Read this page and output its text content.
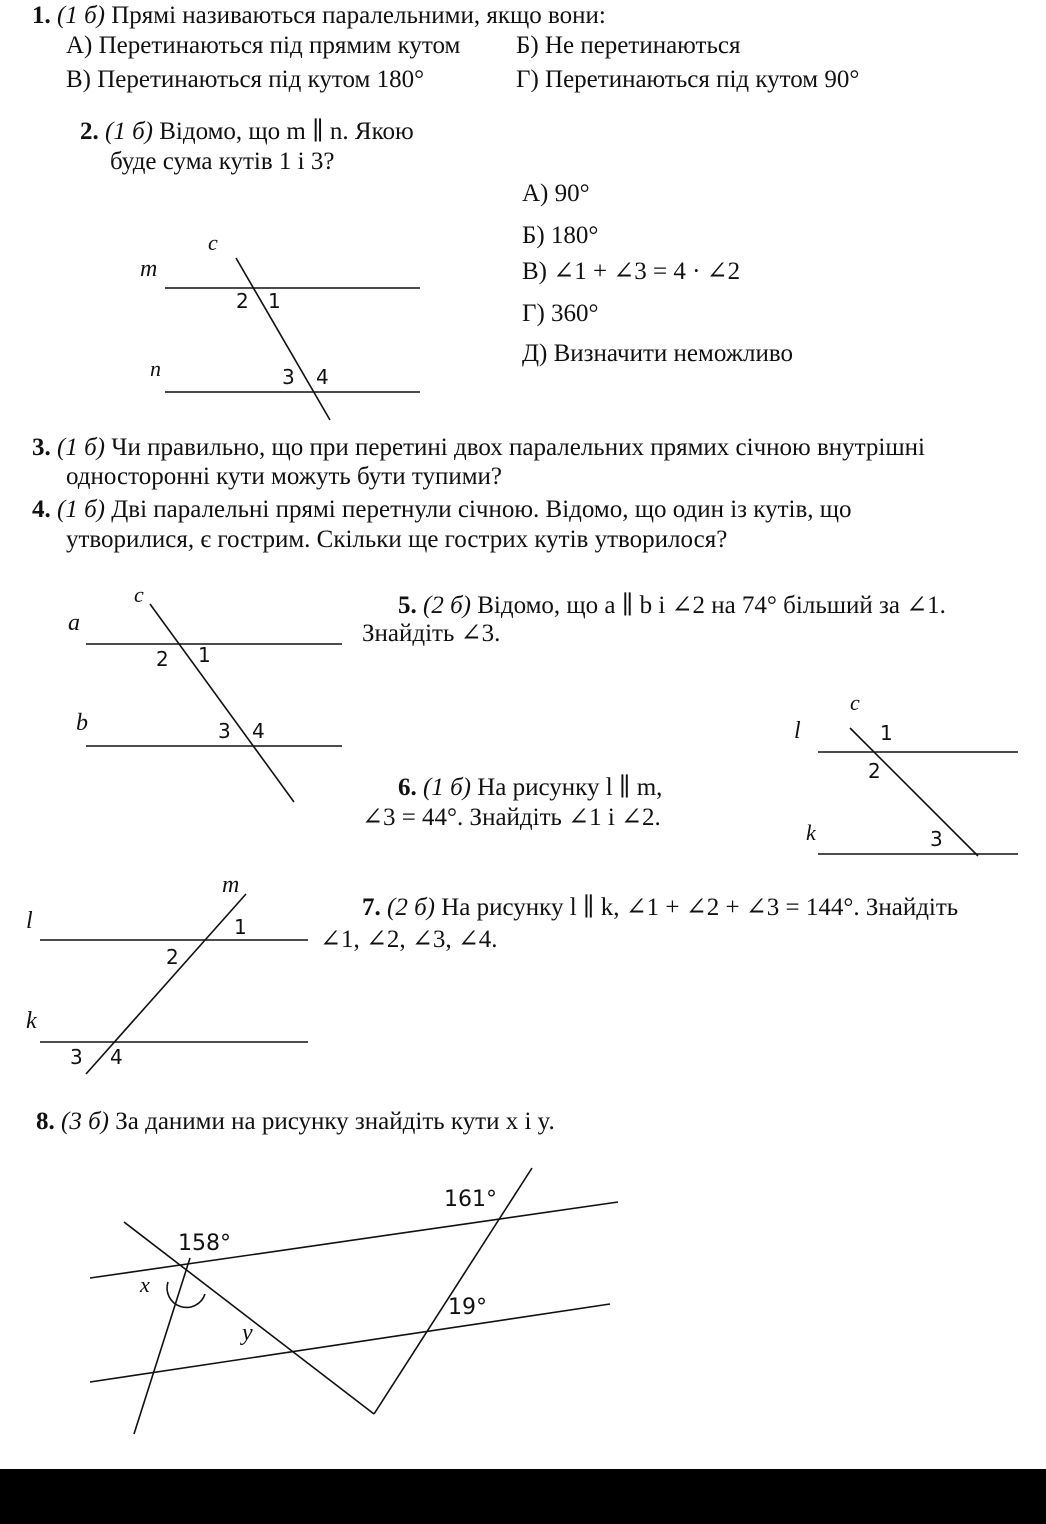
1. (1 б) Прямі називаються паралельними, якщо вони:
А) Перетинаються під прямим кутом Б) Не перетинаються
В) Перетинаються під кутом 180°	Г) Перетинаються під кутом 90°
2. (1 б) Відомо, що m ∥ n. Якою
буде сума кутів 1 і 3?
А) 90°
Б) 180°
В) ∠1 + ∠3 = 4 · ∠2
Г) 360°
Д) Визначити неможливо
3. (1 б) Чи правильно, що при перетині двох паралельних прямих січною внутрішні
односторонні кути можуть бути тупими?
4. (1 б) Дві паралельні прямі перетнули січною. Відомо, що один із кутів, що
утворилися, є гострим. Скільки ще гострих кутів утворилося?
5. (2 б) Відомо, що a ∥ b і ∠2 на 74° більший за ∠1.
Знайдіть ∠3.
6. (1 б) На рисунку l ∥ m,
∠3 = 44°. Знайдіть ∠1 і ∠2.
7. (2 б) На рисунку l ∥ k, ∠1 + ∠2 + ∠3 = 144°. Знайдіть
∠1, ∠2, ∠3, ∠4.
8. (3 б) За даними на рисунку знайдіть кути x і y.
c
m
n
2 1
3 4
c
a
b
2 1
3 4
c
l
k
1
2
3
m
l
k
1
2
3 4
158°
161°
19°
x
y
